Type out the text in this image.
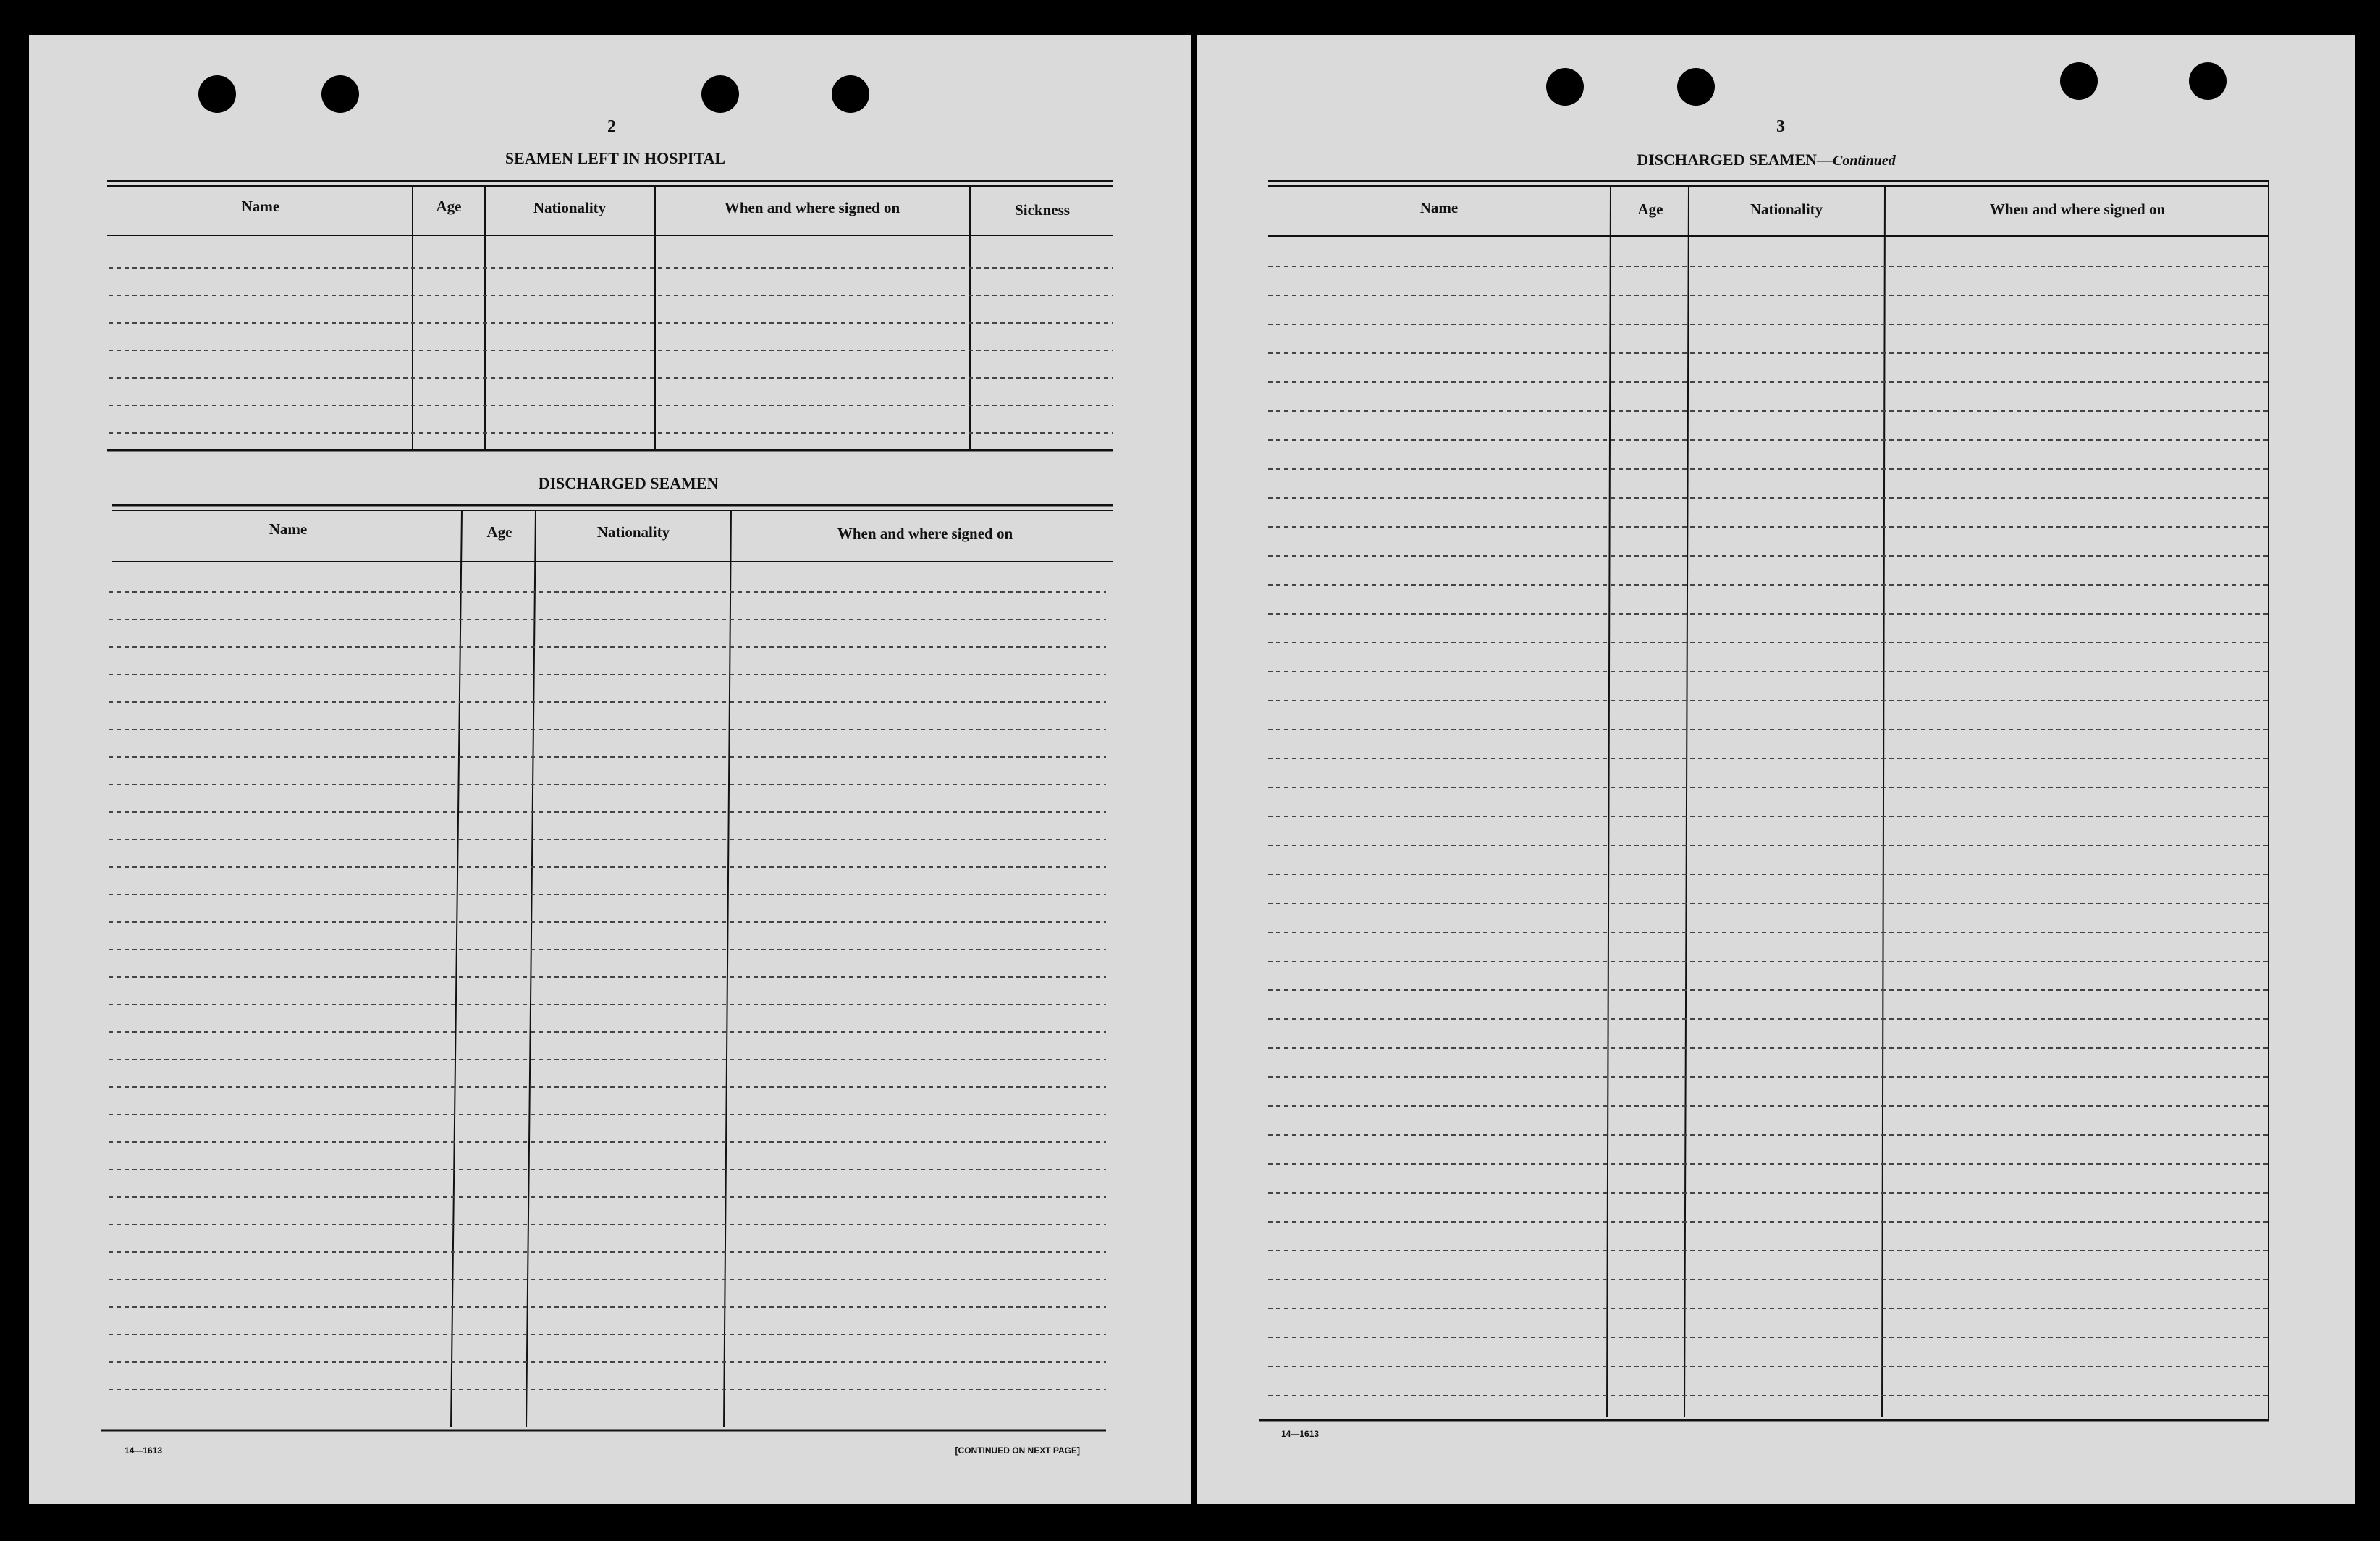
2
SEAMEN LEFT IN HOSPITAL
Name	Age	Nationality	When and where signed on	Sickness
DISCHARGED SEAMEN
Name	Age	Nationality	When and where signed on
14—1613	[CONTINUED ON NEXT PAGE]
3
DISCHARGED SEAMEN—Continued
Name	Age	Nationality	When and where signed on
14—1613
